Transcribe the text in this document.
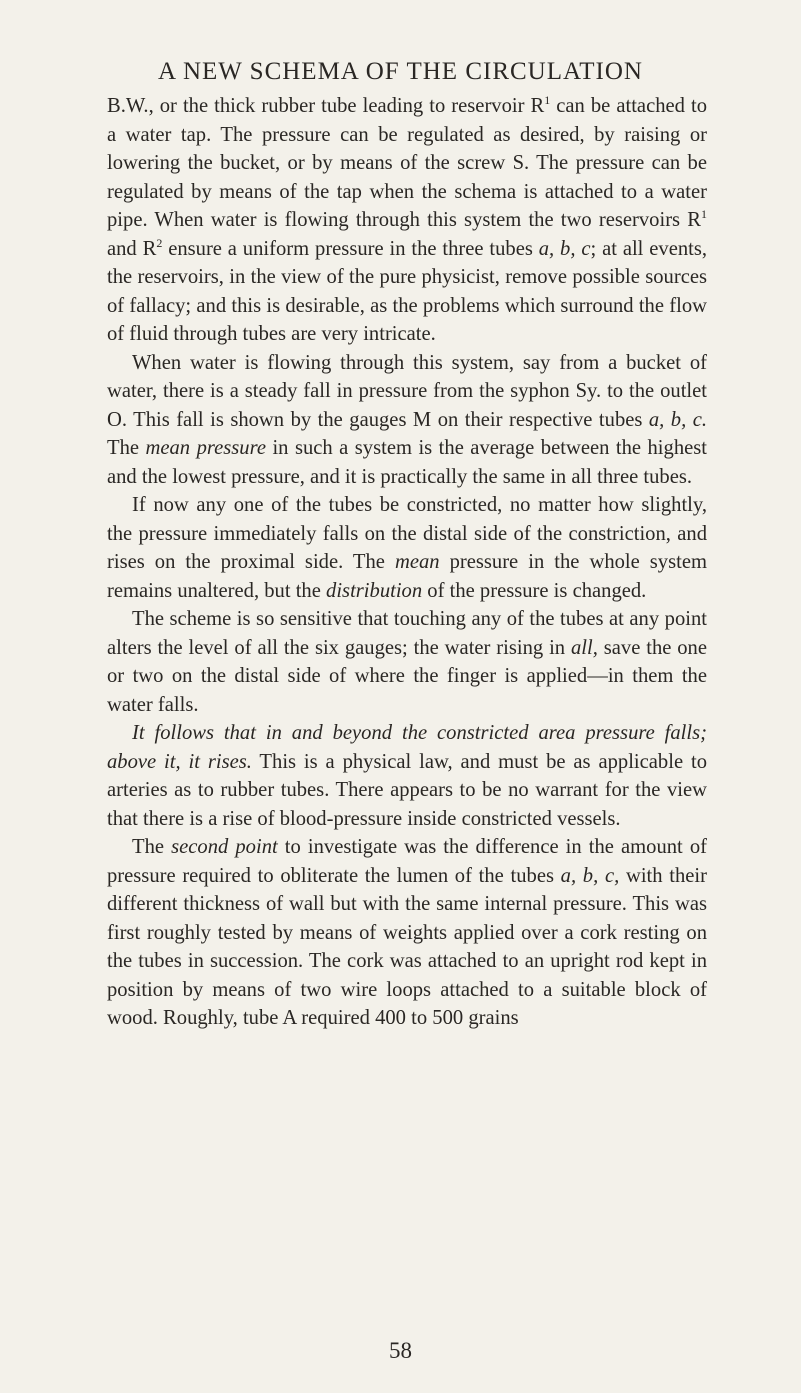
A NEW SCHEMA OF THE CIRCULATION

B.W., or the thick rubber tube leading to reservoir $R^1$ can be attached to a water tap. The pressure can be regulated as desired, by raising or lowering the bucket, or by means of the screw S. The pressure can be regulated by means of the tap when the schema is attached to a water pipe. When water is flowing through this system the two reservoirs $R^1$ and $R^2$ ensure a uniform pressure in the three tubes a, b, c; at all events, the reservoirs, in the view of the pure physicist, remove possible sources of fallacy; and this is desirable, as the problems which surround the flow of fluid through tubes are very intricate.

When water is flowing through this system, say from a bucket of water, there is a steady fall in pressure from the syphon Sy. to the outlet O. This fall is shown by the gauges M on their respective tubes a, b, c. The mean pressure in such a system is the average between the highest and the lowest pressure, and it is practically the same in all three tubes.

If now any one of the tubes be constricted, no matter how slightly, the pressure immediately falls on the distal side of the constriction, and rises on the proximal side. The mean pressure in the whole system remains unaltered, but the distribution of the pressure is changed.

The scheme is so sensitive that touching any of the tubes at any point alters the level of all the six gauges; the water rising in all, save the one or two on the distal side of where the finger is applied—in them the water falls.

It follows that in and beyond the constricted area pressure falls; above it, it rises. This is a physical law, and must be as applicable to arteries as to rubber tubes. There appears to be no warrant for the view that there is a rise of blood-pressure inside constricted vessels.

The second point to investigate was the difference in the amount of pressure required to obliterate the lumen of the tubes a, b, c, with their different thickness of wall but with the same internal pressure. This was first roughly tested by means of weights applied over a cork resting on the tubes in succession. The cork was attached to an upright rod kept in position by means of two wire loops attached to a suitable block of wood. Roughly, tube A required 400 to 500 grains

58
